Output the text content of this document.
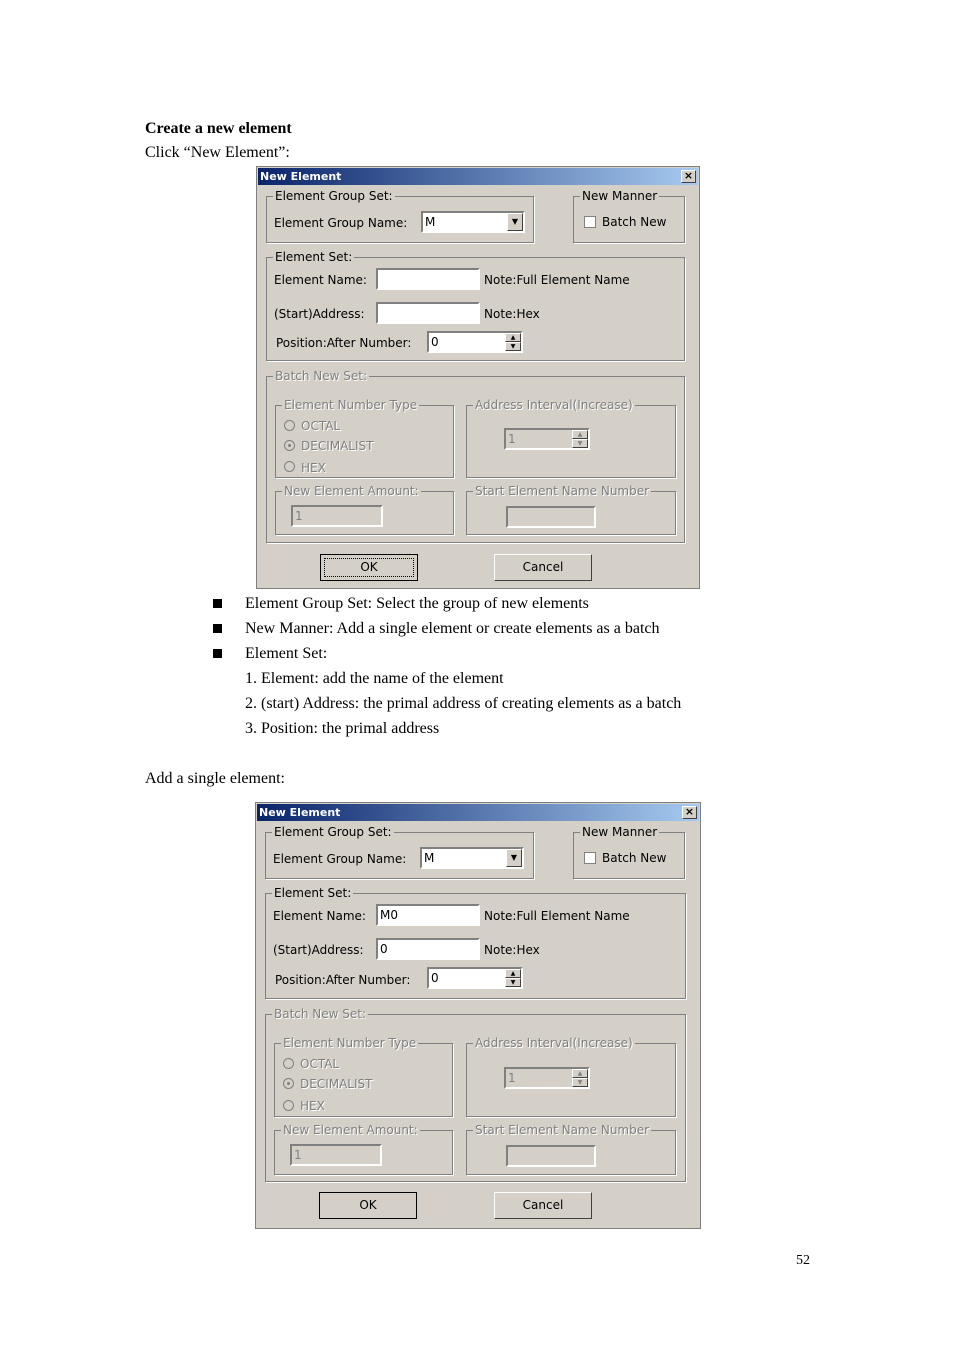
Create a new element
Click “New Element”:
New Element	×
Element Group Set:
Element Group Name:	M	▼
New Manner
Batch New
Element Set:
Element Name:	Note:Full Element Name
(Start)Address:	Note:Hex
Position:After Number:	0	▲
▼
Batch New Set:
Element Number Type
OCTAL
DECIMALIST
HEX
Address Interval(Increase)
1	▲
▼
New Element Amount:
1
Start Element Name Number
OK	Cancel
Element Group Set: Select the group of new elements
New Manner: Add a single element or create elements as a batch
Element Set:
1. Element: add the name of the element
2. (start) Address: the primal address of creating elements as a batch
3. Position: the primal address
Add a single element:
New Element	×
Element Group Set:
Element Group Name:	M	▼
New Manner
Batch New
Element Set:
Element Name:	M0	Note:Full Element Name
(Start)Address:	0	Note:Hex
Position:After Number:	0	▲
▼
Batch New Set:
Element Number Type
OCTAL
DECIMALIST
HEX
Address Interval(Increase)
1	▲
▼
New Element Amount:
1
Start Element Name Number
OK	Cancel
52
